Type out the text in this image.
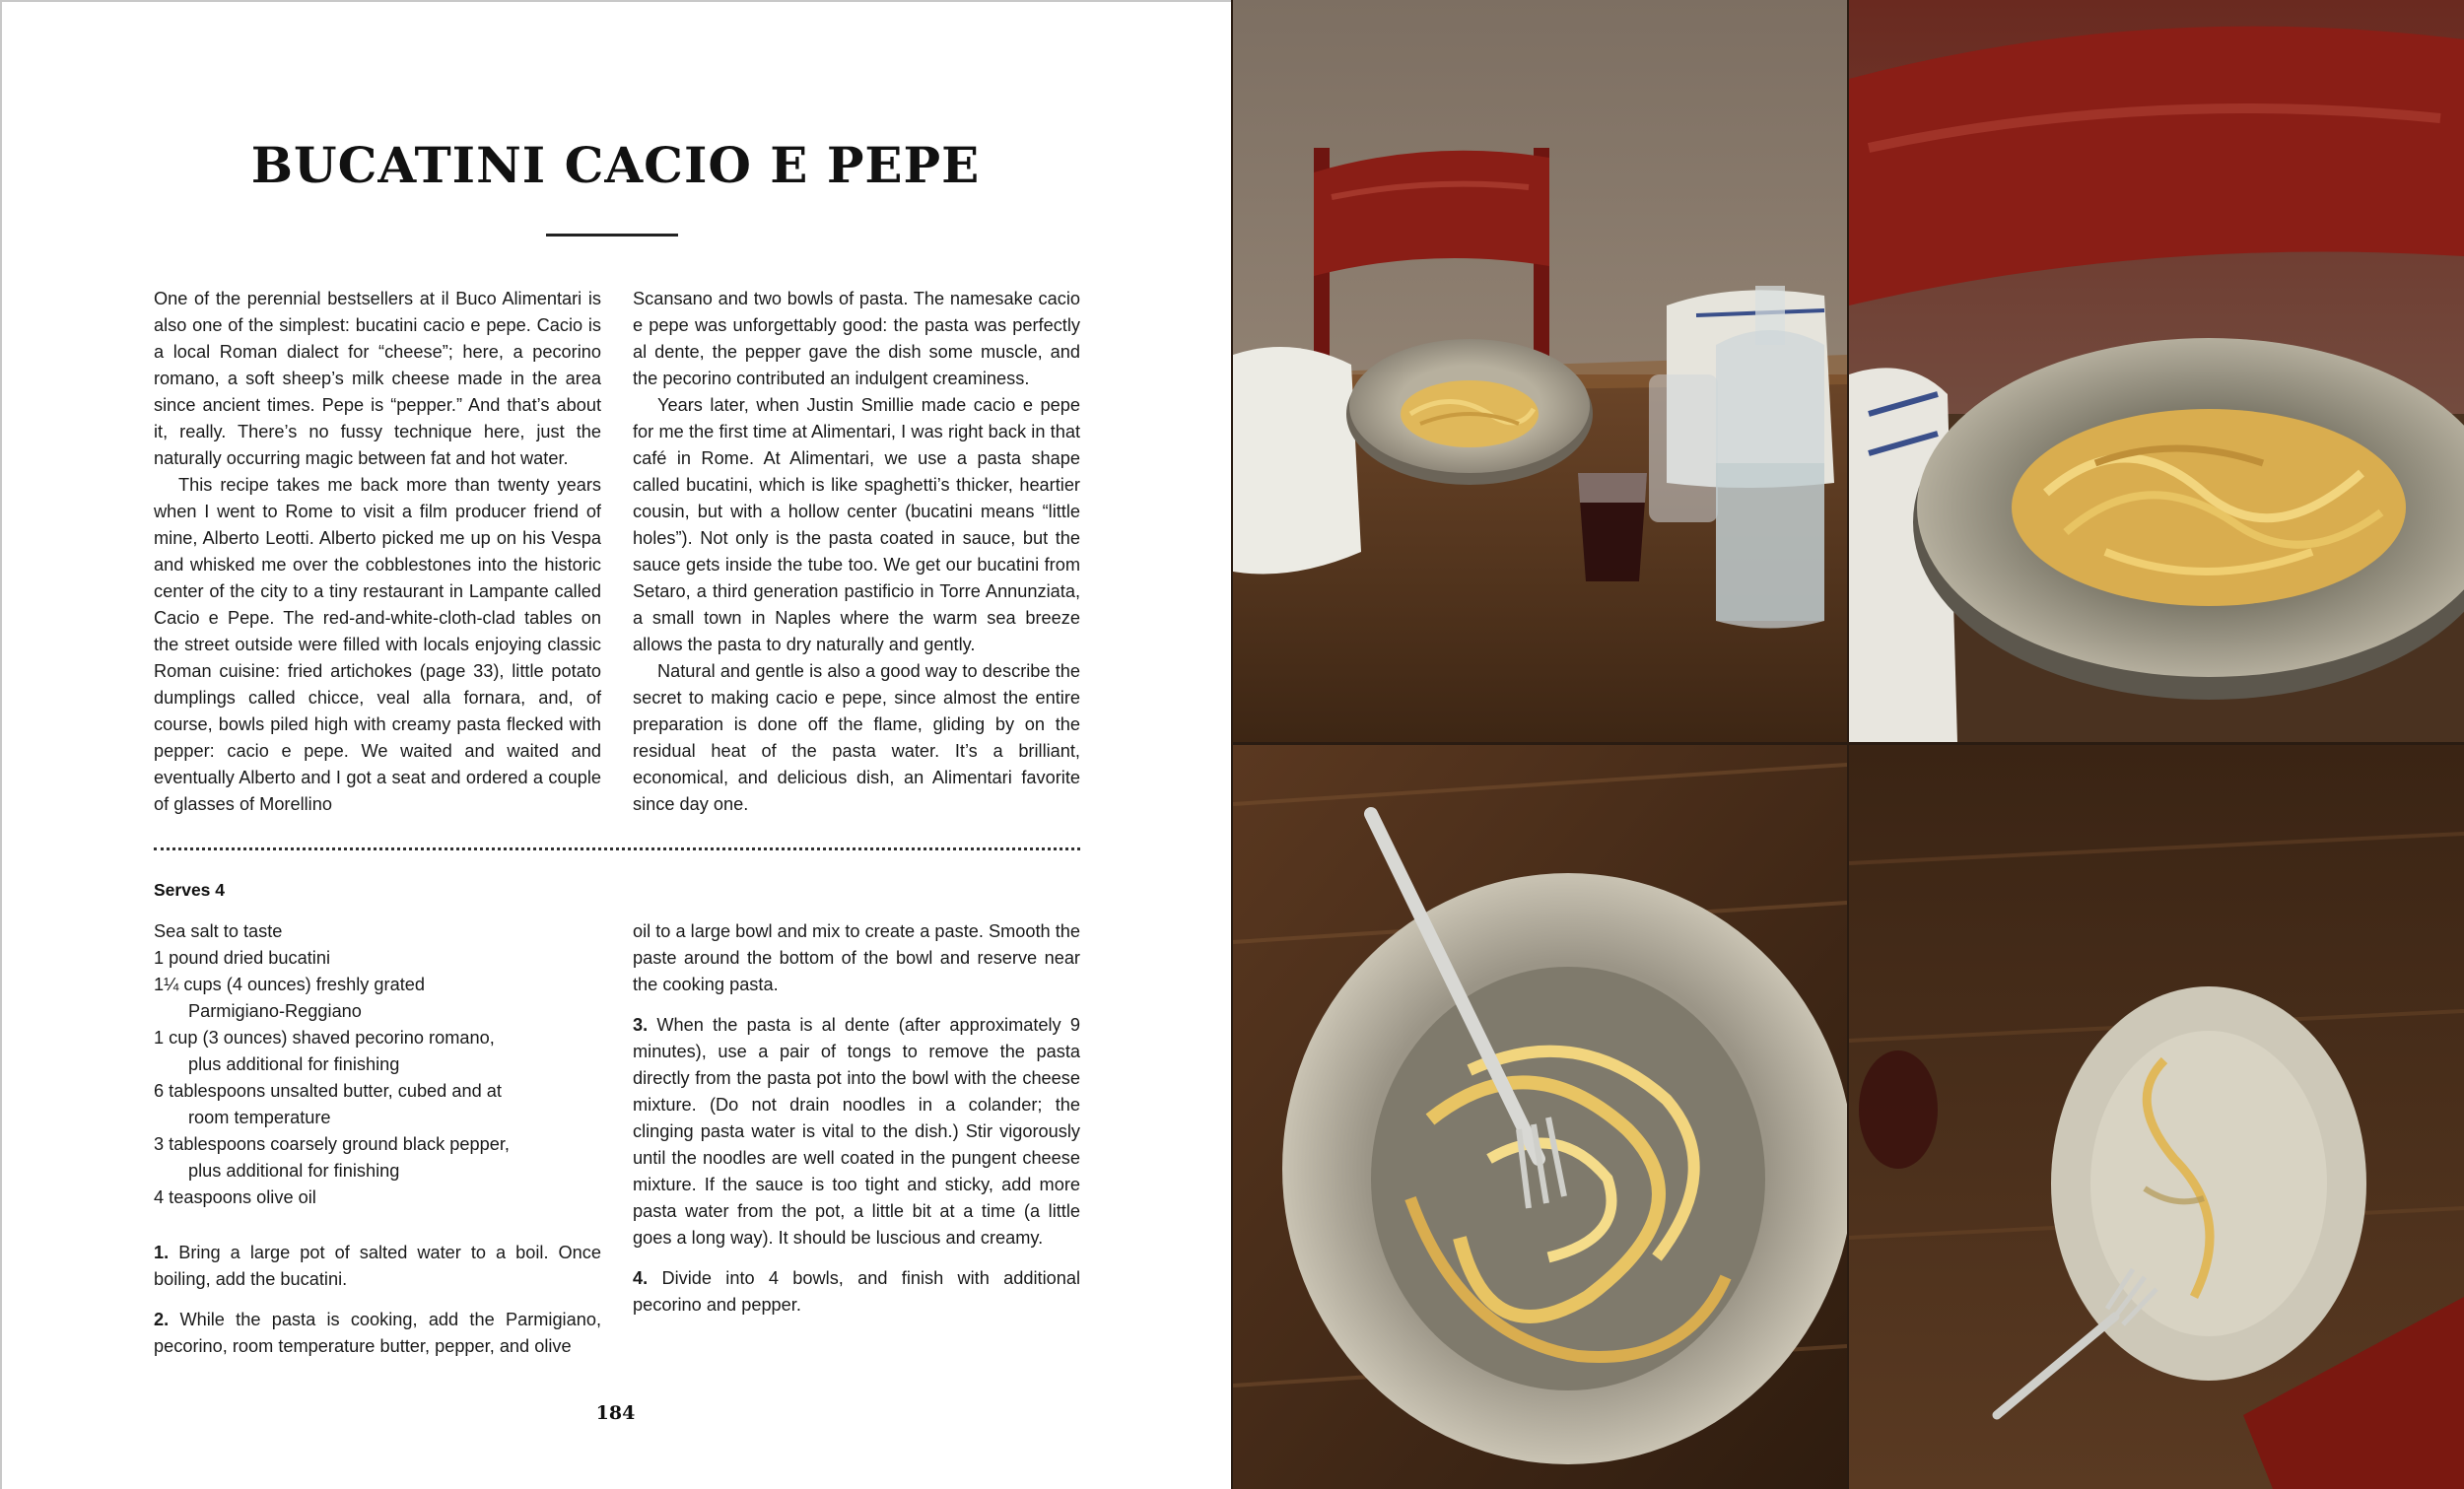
BUCATINI CACIO E PEPE

One of the perennial bestsellers at il Buco Alimentari is also one of the simplest: bucatini cacio e pepe. Cacio is a local Roman dialect for “cheese”; here, a pecorino romano, a soft sheep’s milk cheese made in the area since ancient times. Pepe is “pepper.” And that’s about it, really. There’s no fussy technique here, just the naturally occurring magic between fat and hot water.

This recipe takes me back more than twenty years when I went to Rome to visit a film producer friend of mine, Alberto Leotti. Alberto picked me up on his Vespa and whisked me over the cobblestones into the historic center of the city to a tiny restaurant in Lampante called Cacio e Pepe. The red-and-white-cloth-clad tables on the street outside were filled with locals enjoying classic Roman cuisine: fried artichokes (page 33), little potato dumplings called chicce, veal alla fornara, and, of course, bowls piled high with creamy pasta flecked with pepper: cacio e pepe. We waited and waited and eventually Alberto and I got a seat and ordered a couple of glasses of Morellino

Scansano and two bowls of pasta. The namesake cacio e pepe was unforgettably good: the pasta was perfectly al dente, the pepper gave the dish some muscle, and the pecorino contributed an indulgent creaminess.

Years later, when Justin Smillie made cacio e pepe for me the first time at Alimentari, I was right back in that café in Rome. At Alimentari, we use a pasta shape called bucatini, which is like spaghetti’s thicker, heartier cousin, but with a hollow center (bucatini means “little holes”). Not only is the pasta coated in sauce, but the sauce gets inside the tube too. We get our bucatini from Setaro, a third generation pastificio in Torre Annunziata, a small town in Naples where the warm sea breeze allows the pasta to dry naturally and gently.

Natural and gentle is also a good way to describe the secret to making cacio e pepe, since almost the entire preparation is done off the flame, gliding by on the residual heat of the pasta water. It’s a brilliant, economical, and delicious dish, an Alimentari favorite since day one.

Serves 4
Sea salt to taste
1 pound dried bucatini
1¼ cups (4 ounces) freshly grated
Parmigiano-Reggiano
1 cup (3 ounces) shaved pecorino romano,
plus additional for finishing
6 tablespoons unsalted butter, cubed and at
room temperature
3 tablespoons coarsely ground black pepper,
plus additional for finishing
4 teaspoons olive oil

1. Bring a large pot of salted water to a boil. Once boiling, add the bucatini.

2. While the pasta is cooking, add the Parmigiano, pecorino, room temperature butter, pepper, and olive

oil to a large bowl and mix to create a paste. Smooth the paste around the bottom of the bowl and reserve near the cooking pasta.

3. When the pasta is al dente (after approximately 9 minutes), use a pair of tongs to remove the pasta directly from the pasta pot into the bowl with the cheese mixture. (Do not drain noodles in a colander; the clinging pasta water is vital to the dish.) Stir vigorously until the noodles are well coated in the pungent cheese mixture. If the sauce is too tight and sticky, add more pasta water from the pot, a little bit at a time (a little goes a long way). It should be luscious and creamy.

4. Divide into 4 bowls, and finish with additional pecorino and pepper.

184
